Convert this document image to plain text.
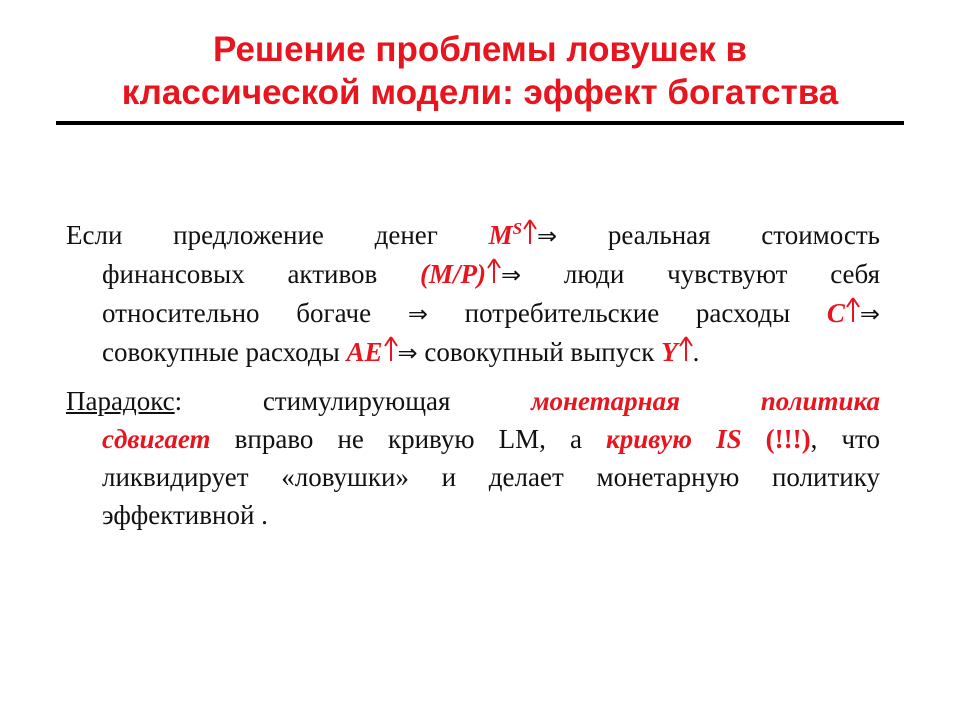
Решение проблемы ловушек в
классической модели: эффект богатства
Если предложение денег $M^S$ ⇒ реальная стоимость
финансовых активов (M/P) ⇒ люди чувствуют себя
относительно богаче ⇒ потребительские расходы C ⇒
совокупные расходы AE ⇒ совокупный выпуск Y .
Парадокс: стимулирующая монетарная политика
сдвигает вправо не кривую LM, а кривую IS (!!!), что
ликвидирует «ловушки» и делает монетарную политику
эффективной .
